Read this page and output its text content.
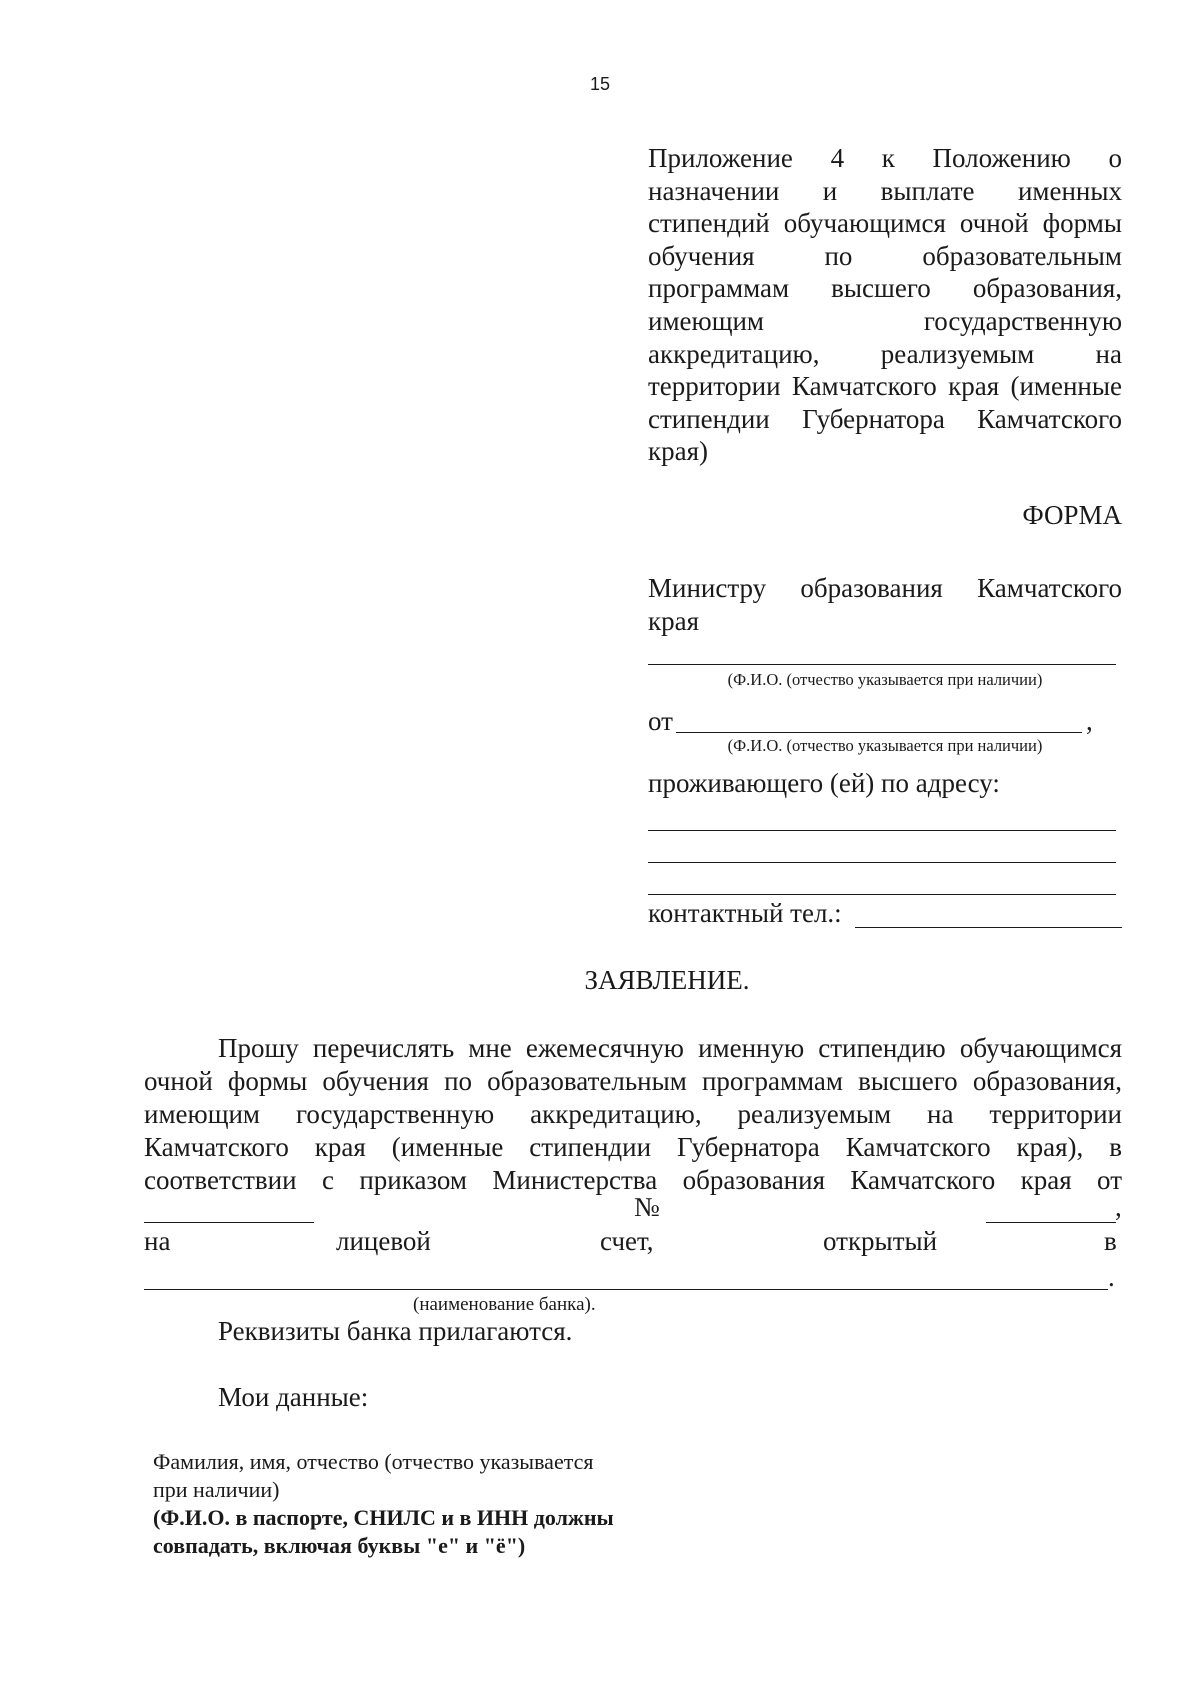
15
Приложение 4 к Положению о назначении и выплате именных стипендий обучающимся очной формы обучения по образовательным программам высшего образования, имеющим государственную аккредитацию, реализуемым на территории Камчатского края (именные стипендии Губернатора Камчатского края)
ФОРМА
Министру образования Камчатского края
(Ф.И.О. (отчество указывается при наличии)
от	,
(Ф.И.О. (отчество указывается при наличии)
проживающего (ей) по адресу:
контактный тел.:
ЗАЯВЛЕНИЕ.
Прошу перечислять мне ежемесячную именную стипендию обучающимся очной формы обучения по образовательным программам высшего образования, имеющим государственную аккредитацию, реализуемым на территории Камчатского края (именные стипендии Губернатора Камчатского края), в соответствии с приказом Министерства образования Камчатского края от
№	,
на	лицевой	счет,	открытый	в
.
(наименование банка).
Реквизиты банка прилагаются.
Мои данные:
Фамилия, имя, отчество (отчество указывается при наличии)
(Ф.И.О. в паспорте, СНИЛС и в ИНН должны совпадать, включая буквы "е" и "ё")
